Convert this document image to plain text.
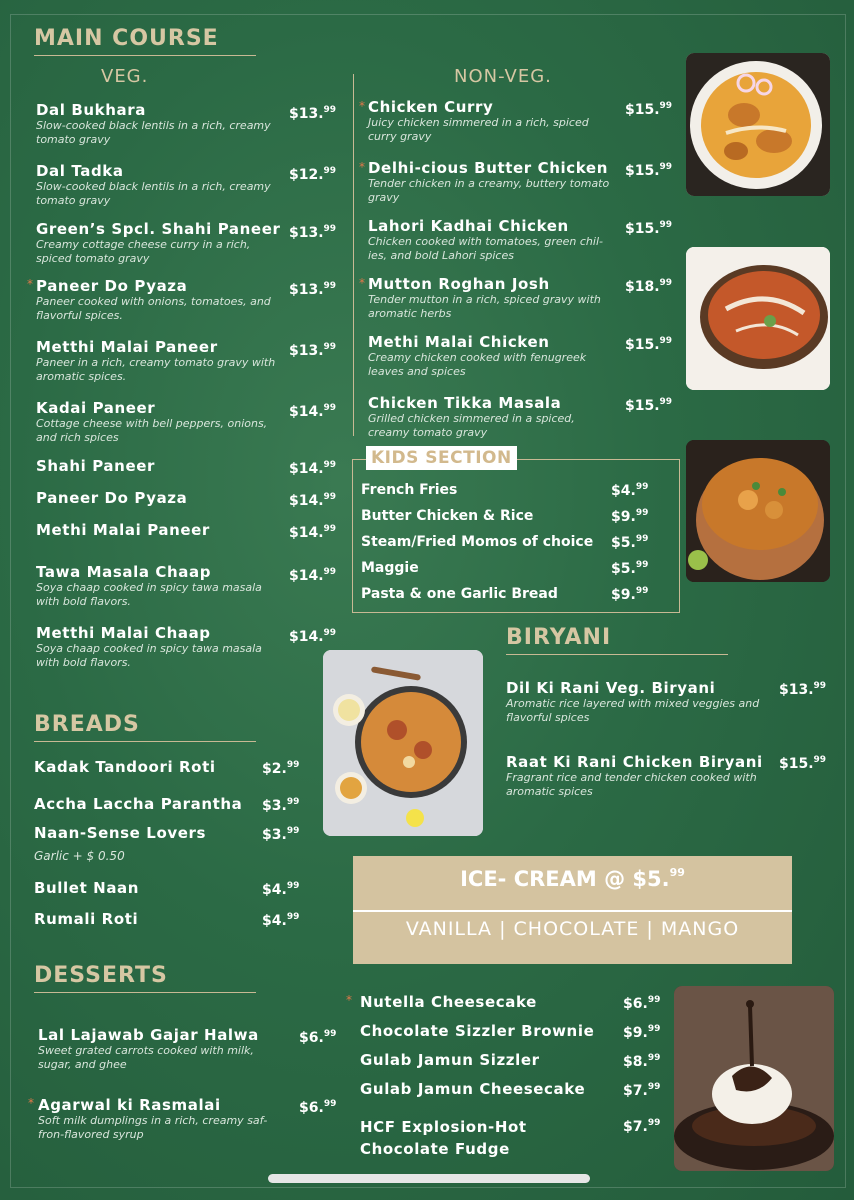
MAIN COURSE
VEG.	NON-VEG.
Dal Bukhara
Slow-cooked black lentils in a rich, creamy tomato gravy
$13.99
Dal Tadka
Slow-cooked black lentils in a rich, creamy tomato gravy
$12.99
Green’s Spcl. Shahi Paneer
Creamy cottage cheese curry in a rich, spiced tomato gravy
$13.99
* Paneer Do Pyaza
Paneer cooked with onions, tomatoes, and flavorful spices.
$13.99
Metthi Malai Paneer
Paneer in a rich, creamy tomato gravy with aromatic spices.
$13.99
Kadai Paneer
Cottage cheese with bell peppers, onions, and rich spices
$14.99
Shahi Paneer	$14.99
Paneer Do Pyaza	$14.99
Methi Malai Paneer	$14.99
Tawa Masala Chaap
Soya chaap cooked in spicy tawa masala with bold flavors.
$14.99
Metthi Malai Chaap
Soya chaap cooked in spicy tawa masala with bold flavors.
$14.99
* Chicken Curry
Juicy chicken simmered in a rich, spiced curry gravy
$15.99
* Delhi-cious Butter Chicken
Tender chicken in a creamy, buttery tomato gravy
$15.99
Lahori Kadhai Chicken
Chicken cooked with tomatoes, green chil-ies, and bold Lahori spices
$15.99
* Mutton Roghan Josh
Tender mutton in a rich, spiced gravy with aromatic herbs
$18.99
Methi Malai Chicken
Creamy chicken cooked with fenugreek leaves and spices
$15.99
Chicken Tikka Masala
Grilled chicken simmered in a spiced, creamy tomato gravy
$15.99
KIDS SECTION
French Fries	$4.99
Butter Chicken & Rice	$9.99
Steam/Fried Momos of choice $5.99
Maggie	$5.99
Pasta & one Garlic Bread	$9.99
BIRYANI
Dil Ki Rani Veg. Biryani
Aromatic rice layered with mixed veggies and flavorful spices
$13.99
Raat Ki Rani Chicken Biryani
Fragrant rice and tender chicken cooked with aromatic spices
$15.99
BREADS
Kadak Tandoori Roti	$2.99
Accha Laccha Parantha $3.99
Naan-Sense Lovers	$3.99
Garlic + $ 0.50
Bullet Naan	$4.99
Rumali Roti	$4.99
ICE- CREAM @ $5.99
VANILLA | CHOCOLATE | MANGO
DESSERTS
Lal Lajawab Gajar Halwa
Sweet grated carrots cooked with milk, sugar, and ghee
$6.99
* Agarwal ki Rasmalai
Soft milk dumplings in a rich, creamy saf-fron-flavored syrup
$6.99
* Nutella Cheesecake	$6.99
Chocolate Sizzler Brownie $9.99
Gulab Jamun Sizzler	$8.99
Gulab Jamun Cheesecake	$7.99
HCF Explosion-Hot Chocolate Fudge
$7.99
